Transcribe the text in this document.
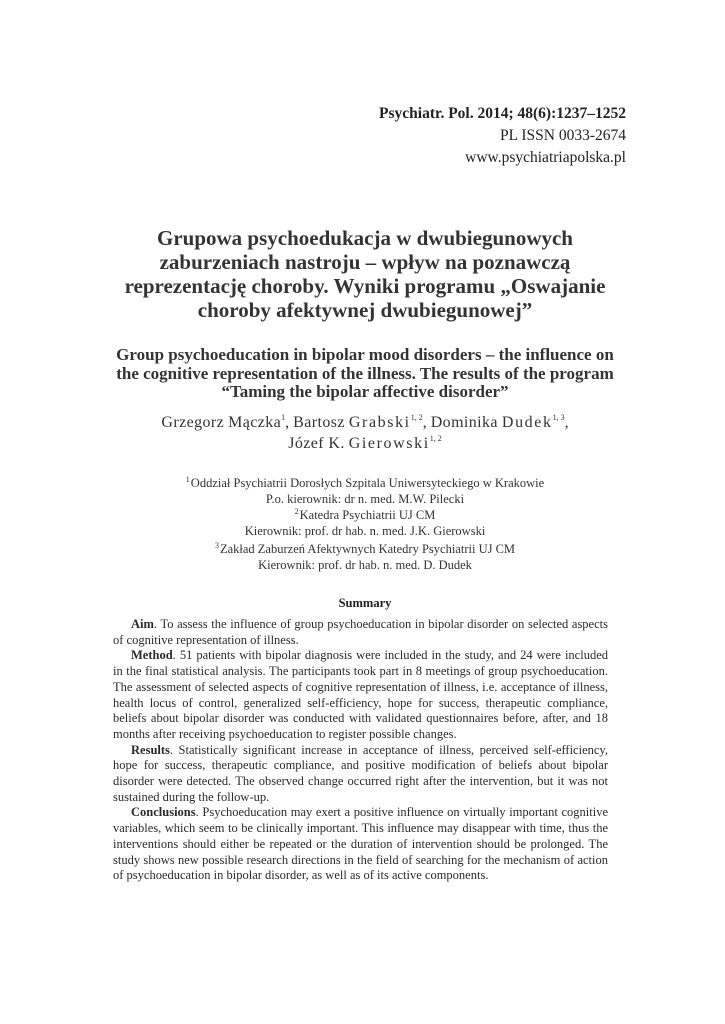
Psychiatr. Pol. 2014; 48(6):1237–1252
PL ISSN 0033-2674
www.psychiatriapolska.pl
Grupowa psychoedukacja w dwubiegunowych
zaburzeniach nastroju – wpływ na poznawczą
reprezentację choroby. Wyniki programu „Oswajanie
choroby afektywnej dwubiegunowej”
Group psychoeducation in bipolar mood disorders – the influence on
the cognitive representation of the illness. The results of the program
“Taming the bipolar affective disorder”
Grzegorz Mączka$^1$, Bartosz Grabski$^{1, 2}$, Dominika Dudek$^{1, 3}$,
Józef K. Gierowski$^{1, 2}$
$^1$Oddział Psychiatrii Dorosłych Szpitala Uniwersyteckiego w Krakowie
P.o. kierownik: dr n. med. M.W. Pilecki
$^2$Katedra Psychiatrii UJ CM
Kierownik: prof. dr hab. n. med. J.K. Gierowski
$^3$Zakład Zaburzeń Afektywnych Katedry Psychiatrii UJ CM
Kierownik: prof. dr hab. n. med. D. Dudek
Summary

Aim. To assess the influence of group psychoeducation in bipolar disorder on selected aspects of cognitive representation of illness.

Method. 51 patients with bipolar diagnosis were included in the study, and 24 were included in the final statistical analysis. The participants took part in 8 meetings of group psychoeducation. The assessment of selected aspects of cognitive representation of illness, i.e. acceptance of illness, health locus of control, generalized self-efficiency, hope for success, therapeutic compliance, beliefs about bipolar disorder was conducted with validated questionnaires before, after, and 18 months after receiving psychoeducation to register possible changes.

Results. Statistically significant increase in acceptance of illness, perceived self-efficiency, hope for success, therapeutic compliance, and positive modification of beliefs about bipolar disorder were detected. The observed change occurred right after the intervention, but it was not sustained during the follow-up.

Conclusions. Psychoeducation may exert a positive influence on virtually important cognitive variables, which seem to be clinically important. This influence may disappear with time, thus the interventions should either be repeated or the duration of intervention should be prolonged. The study shows new possible research directions in the field of searching for the mechanism of action of psychoeducation in bipolar disorder, as well as of its active components.
